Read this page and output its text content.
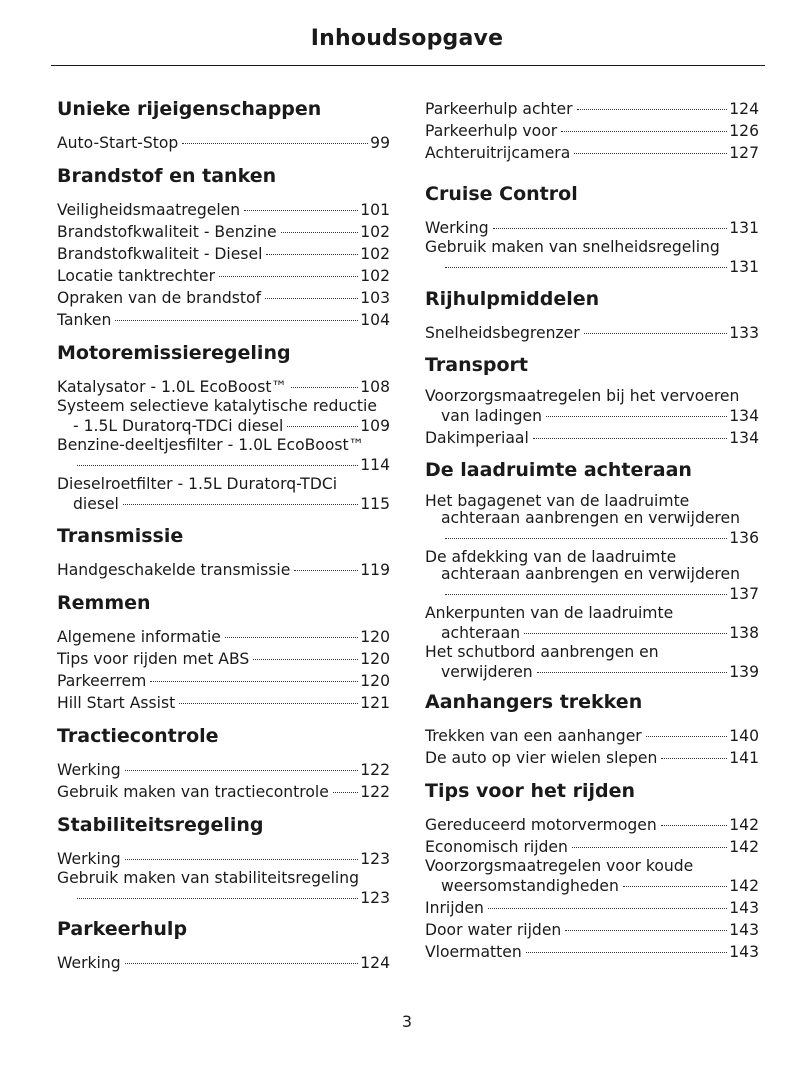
Inhoudsopgave
Unieke rijeigenschappen
Auto-Start-Stop	99
Brandstof en tanken
Veiligheidsmaatregelen	101
Brandstofkwaliteit - Benzine	102
Brandstofkwaliteit - Diesel	102
Locatie tanktrechter	102
Opraken van de brandstof	103
Tanken	104
Motoremissieregeling
Katalysator - 1.0L EcoBoost™	108
Systeem selectieve katalytische reductie
- 1.5L Duratorq-TDCi diesel	109
Benzine-deeltjesfilter - 1.0L EcoBoost™
114
Dieselroetfilter - 1.5L Duratorq-TDCi
diesel	115
Transmissie
Handgeschakelde transmissie	119
Remmen
Algemene informatie	120
Tips voor rijden met ABS	120
Parkeerrem	120
Hill Start Assist	121
Tractiecontrole
Werking	122
Gebruik maken van tractiecontrole 122
Stabiliteitsregeling
Werking	123
Gebruik maken van stabiliteitsregeling
123
Parkeerhulp
Werking	124
Parkeerhulp achter	124
Parkeerhulp voor	126
Achteruitrijcamera	127
Cruise Control
Werking	131
Gebruik maken van snelheidsregeling
131
Rijhulpmiddelen
Snelheidsbegrenzer	133
Transport
Voorzorgsmaatregelen bij het vervoeren
van ladingen	134
Dakimperiaal	134
De laadruimte achteraan
Het bagagenet van de laadruimte
achteraan aanbrengen en verwijderen
136
De afdekking van de laadruimte
achteraan aanbrengen en verwijderen
137
Ankerpunten van de laadruimte
achteraan	138
Het schutbord aanbrengen en
verwijderen	139
Aanhangers trekken
Trekken van een aanhanger	140
De auto op vier wielen slepen	141
Tips voor het rijden
Gereduceerd motorvermogen	142
Economisch rijden	142
Voorzorgsmaatregelen voor koude
weersomstandigheden	142
Inrijden	143
Door water rijden	143
Vloermatten	143
3
